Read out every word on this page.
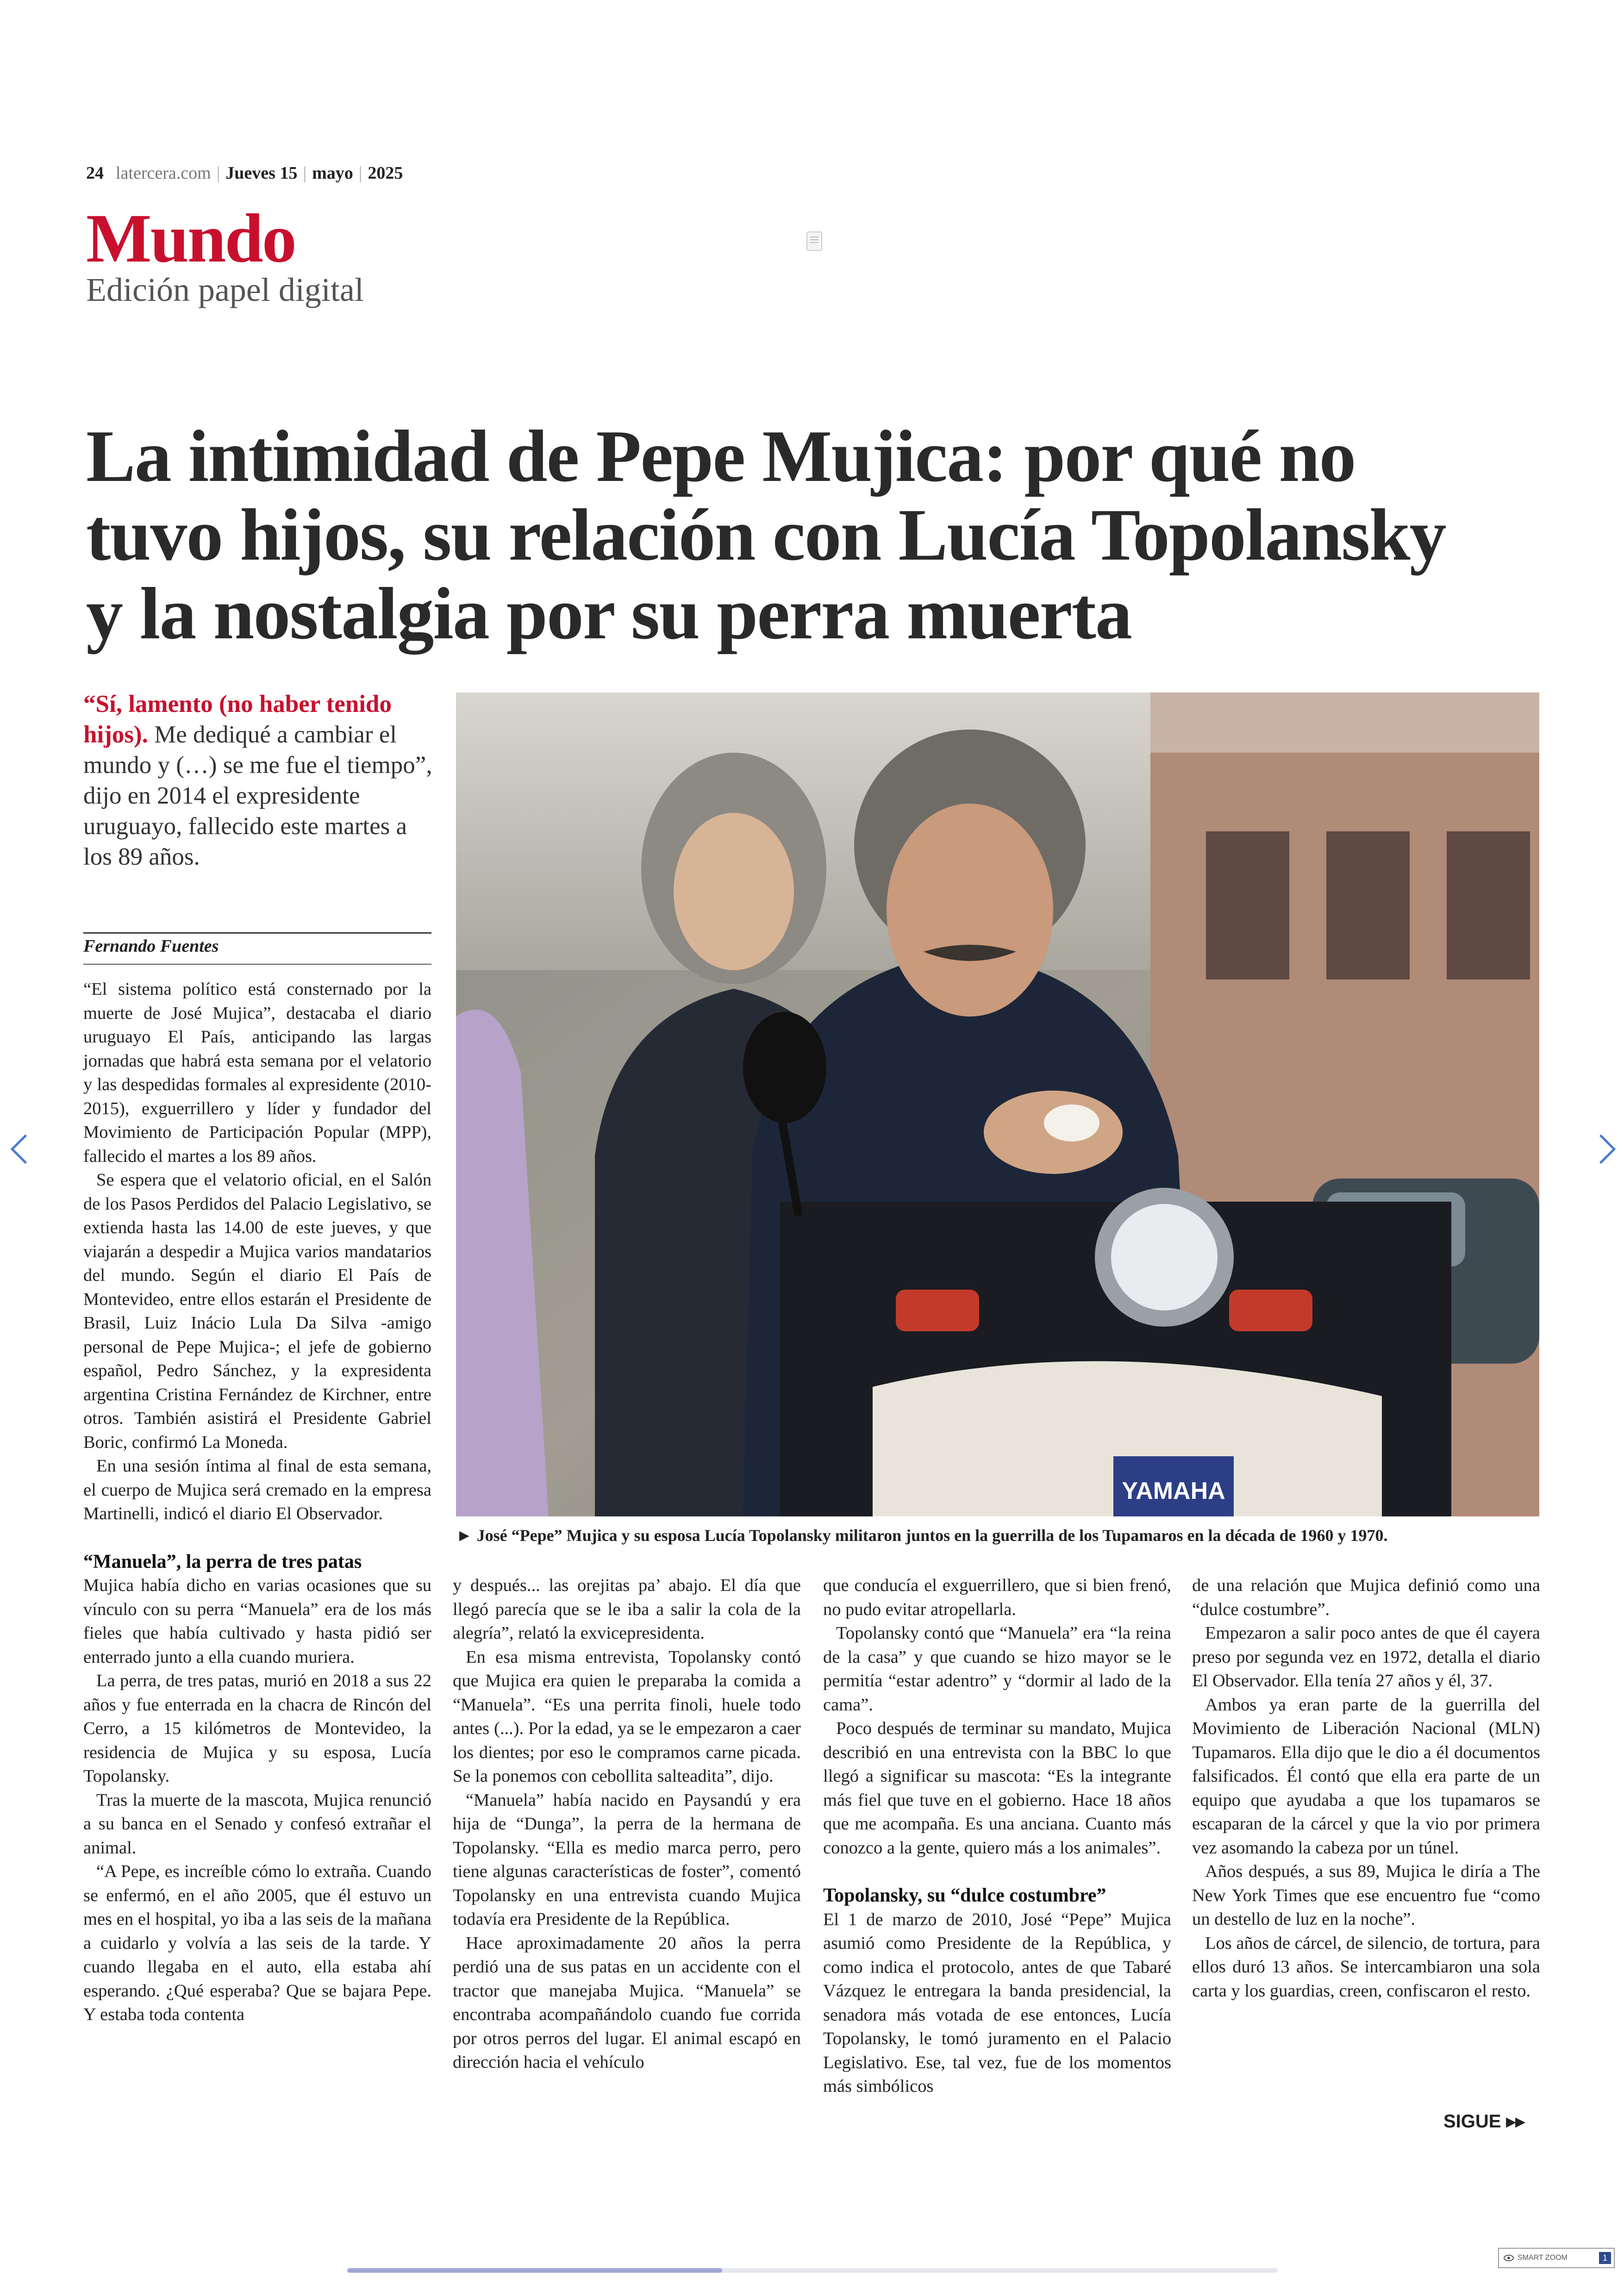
24 latercera.com | Jueves 15 | mayo | 2025
Mundo
Edición papel digital
La intimidad de Pepe Mujica: por qué no
tuvo hijos, su relación con Lucía Topolansky
y la nostalgia por su perra muerta
“Sí, lamento (no haber tenido hijos). Me dediqué a cambiar el mundo y (…) se me fue el tiempo”, dijo en 2014 el expresidente uruguayo, fallecido este martes a los 89 años.
Fernando Fuentes

“El sistema político está consternado por la muerte de José Mujica”, destacaba el diario uruguayo El País, anticipando las largas jornadas que habrá esta semana por el velatorio y las despedidas formales al expresidente (2010-2015), exguerrillero y líder y fundador del Movimiento de Participación Popular (MPP), fallecido el martes a los 89 años.

Se espera que el velatorio oficial, en el Salón de los Pasos Perdidos del Palacio Legislativo, se extienda hasta las 14.00 de este jueves, y que viajarán a despedir a Mujica varios mandatarios del mundo. Según el diario El País de Montevideo, entre ellos estarán el Presidente de Brasil, Luiz Inácio Lula Da Silva -amigo personal de Pepe Mujica-; el jefe de gobierno español, Pedro Sánchez, y la expresidenta argentina Cristina Fernández de Kirchner, entre otros. También asistirá el Presidente Gabriel Boric, confirmó La Moneda.

En una sesión íntima al final de esta semana, el cuerpo de Mujica será cremado en la empresa Martinelli, indicó el diario El Observador.

“Manuela”, la perra de tres patas

Mujica había dicho en varias ocasiones que su vínculo con su perra “Manuela” era de los más fieles que había cultivado y hasta pidió ser enterrado junto a ella cuando muriera.

La perra, de tres patas, murió en 2018 a sus 22 años y fue enterrada en la chacra de Rincón del Cerro, a 15 kilómetros de Montevideo, la residencia de Mujica y su esposa, Lucía Topolansky.

Tras la muerte de la mascota, Mujica renunció a su banca en el Senado y confesó extrañar el animal.

“A Pepe, es increíble cómo lo extraña. Cuando se enfermó, en el año 2005, que él estuvo un mes en el hospital, yo iba a las seis de la mañana a cuidarlo y volvía a las seis de la tarde. Y cuando llegaba en el auto, ella estaba ahí esperando. ¿Qué esperaba? Que se bajara Pepe. Y estaba toda contenta

YAMAHA
► José “Pepe” Mujica y su esposa Lucía Topolansky militaron juntos en la guerrilla de los Tupamaros en la década de 1960 y 1970.

y después... las orejitas pa’ abajo. El día que llegó parecía que se le iba a salir la cola de la alegría”, relató la exvicepresidenta.

En esa misma entrevista, Topolansky contó que Mujica era quien le preparaba la comida a “Manuela”. “Es una perrita finoli, huele todo antes (...). Por la edad, ya se le empezaron a caer los dientes; por eso le compramos carne picada. Se la ponemos con cebollita salteadita”, dijo.

“Manuela” había nacido en Paysandú y era hija de “Dunga”, la perra de la hermana de Topolansky. “Ella es medio marca perro, pero tiene algunas características de foster”, comentó Topolansky en una entrevista cuando Mujica todavía era Presidente de la República.

Hace aproximadamente 20 años la perra perdió una de sus patas en un accidente con el tractor que manejaba Mujica. “Manuela” se encontraba acompañándolo cuando fue corrida por otros perros del lugar. El animal escapó en dirección hacia el vehículo

que conducía el exguerrillero, que si bien frenó, no pudo evitar atropellarla.

Topolansky contó que “Manuela” era “la reina de la casa” y que cuando se hizo mayor se le permitía “estar adentro” y “dormir al lado de la cama”.

Poco después de terminar su mandato, Mujica describió en una entrevista con la BBC lo que llegó a significar su mascota: “Es la integrante más fiel que tuve en el gobierno. Hace 18 años que me acompaña. Es una anciana. Cuanto más conozco a la gente, quiero más a los animales”.

Topolansky, su “dulce costumbre”

El 1 de marzo de 2010, José “Pepe” Mujica asumió como Presidente de la República, y como indica el protocolo, antes de que Tabaré Vázquez le entregara la banda presidencial, la senadora más votada de ese entonces, Lucía Topolansky, le tomó juramento en el Palacio Legislativo. Ese, tal vez, fue de los momentos más simbólicos

de una relación que Mujica definió como una “dulce costumbre”.

Empezaron a salir poco antes de que él cayera preso por segunda vez en 1972, detalla el diario El Observador. Ella tenía 27 años y él, 37.

Ambos ya eran parte de la guerrilla del Movimiento de Liberación Nacional (MLN) Tupamaros. Ella dijo que le dio a él documentos falsificados. Él contó que ella era parte de un equipo que ayudaba a que los tupamaros se escaparan de la cárcel y que la vio por primera vez asomando la cabeza por un túnel.

Años después, a sus 89, Mujica le diría a The New York Times que ese encuentro fue “como un destello de luz en la noche”.

Los años de cárcel, de silencio, de tortura, para ellos duró 13 años. Se intercambiaron una sola carta y los guardias, creen, confiscaron el resto.

SIGUE ▸▸
SMART ZOOM	1
